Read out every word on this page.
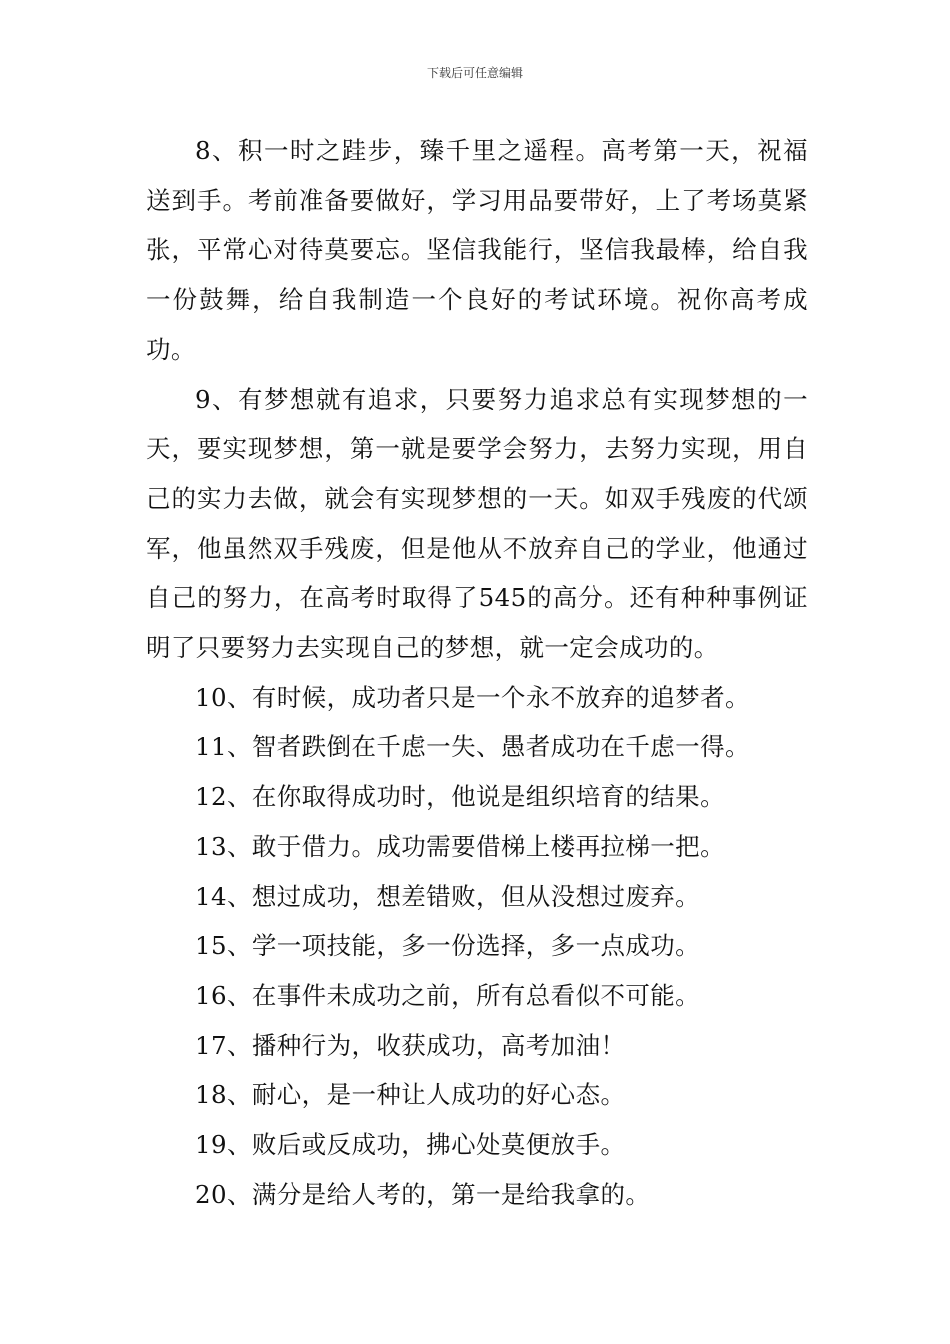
下载后可任意编辑

8、积一时之跬步，臻千里之遥程。高考第一天，祝福送到手。考前准备要做好，学习用品要带好，上了考场莫紧张，平常心对待莫要忘。坚信我能行，坚信我最棒，给自我一份鼓舞，给自我制造一个良好的考试环境。祝你高考成功。

9、有梦想就有追求，只要努力追求总有实现梦想的一天，要实现梦想，第一就是要学会努力，去努力实现，用自己的实力去做，就会有实现梦想的一天。如双手残废的代颂军，他虽然双手残废，但是他从不放弃自己的学业，他通过自己的努力，在高考时取得了545的高分。还有种种事例证明了只要努力去实现自己的梦想，就一定会成功的。

10、有时候，成功者只是一个永不放弃的追梦者。

11、智者跌倒在千虑一失、愚者成功在千虑一得。

12、在你取得成功时，他说是组织培育的结果。

13、敢于借力。成功需要借梯上楼再拉梯一把。

14、想过成功，想差错败，但从没想过废弃。

15、学一项技能，多一份选择，多一点成功。

16、在事件未成功之前，所有总看似不可能。

17、播种行为，收获成功，高考加油！

18、耐心，是一种让人成功的好心态。

19、败后或反成功，拂心处莫便放手。

20、满分是给人考的，第一是给我拿的。
